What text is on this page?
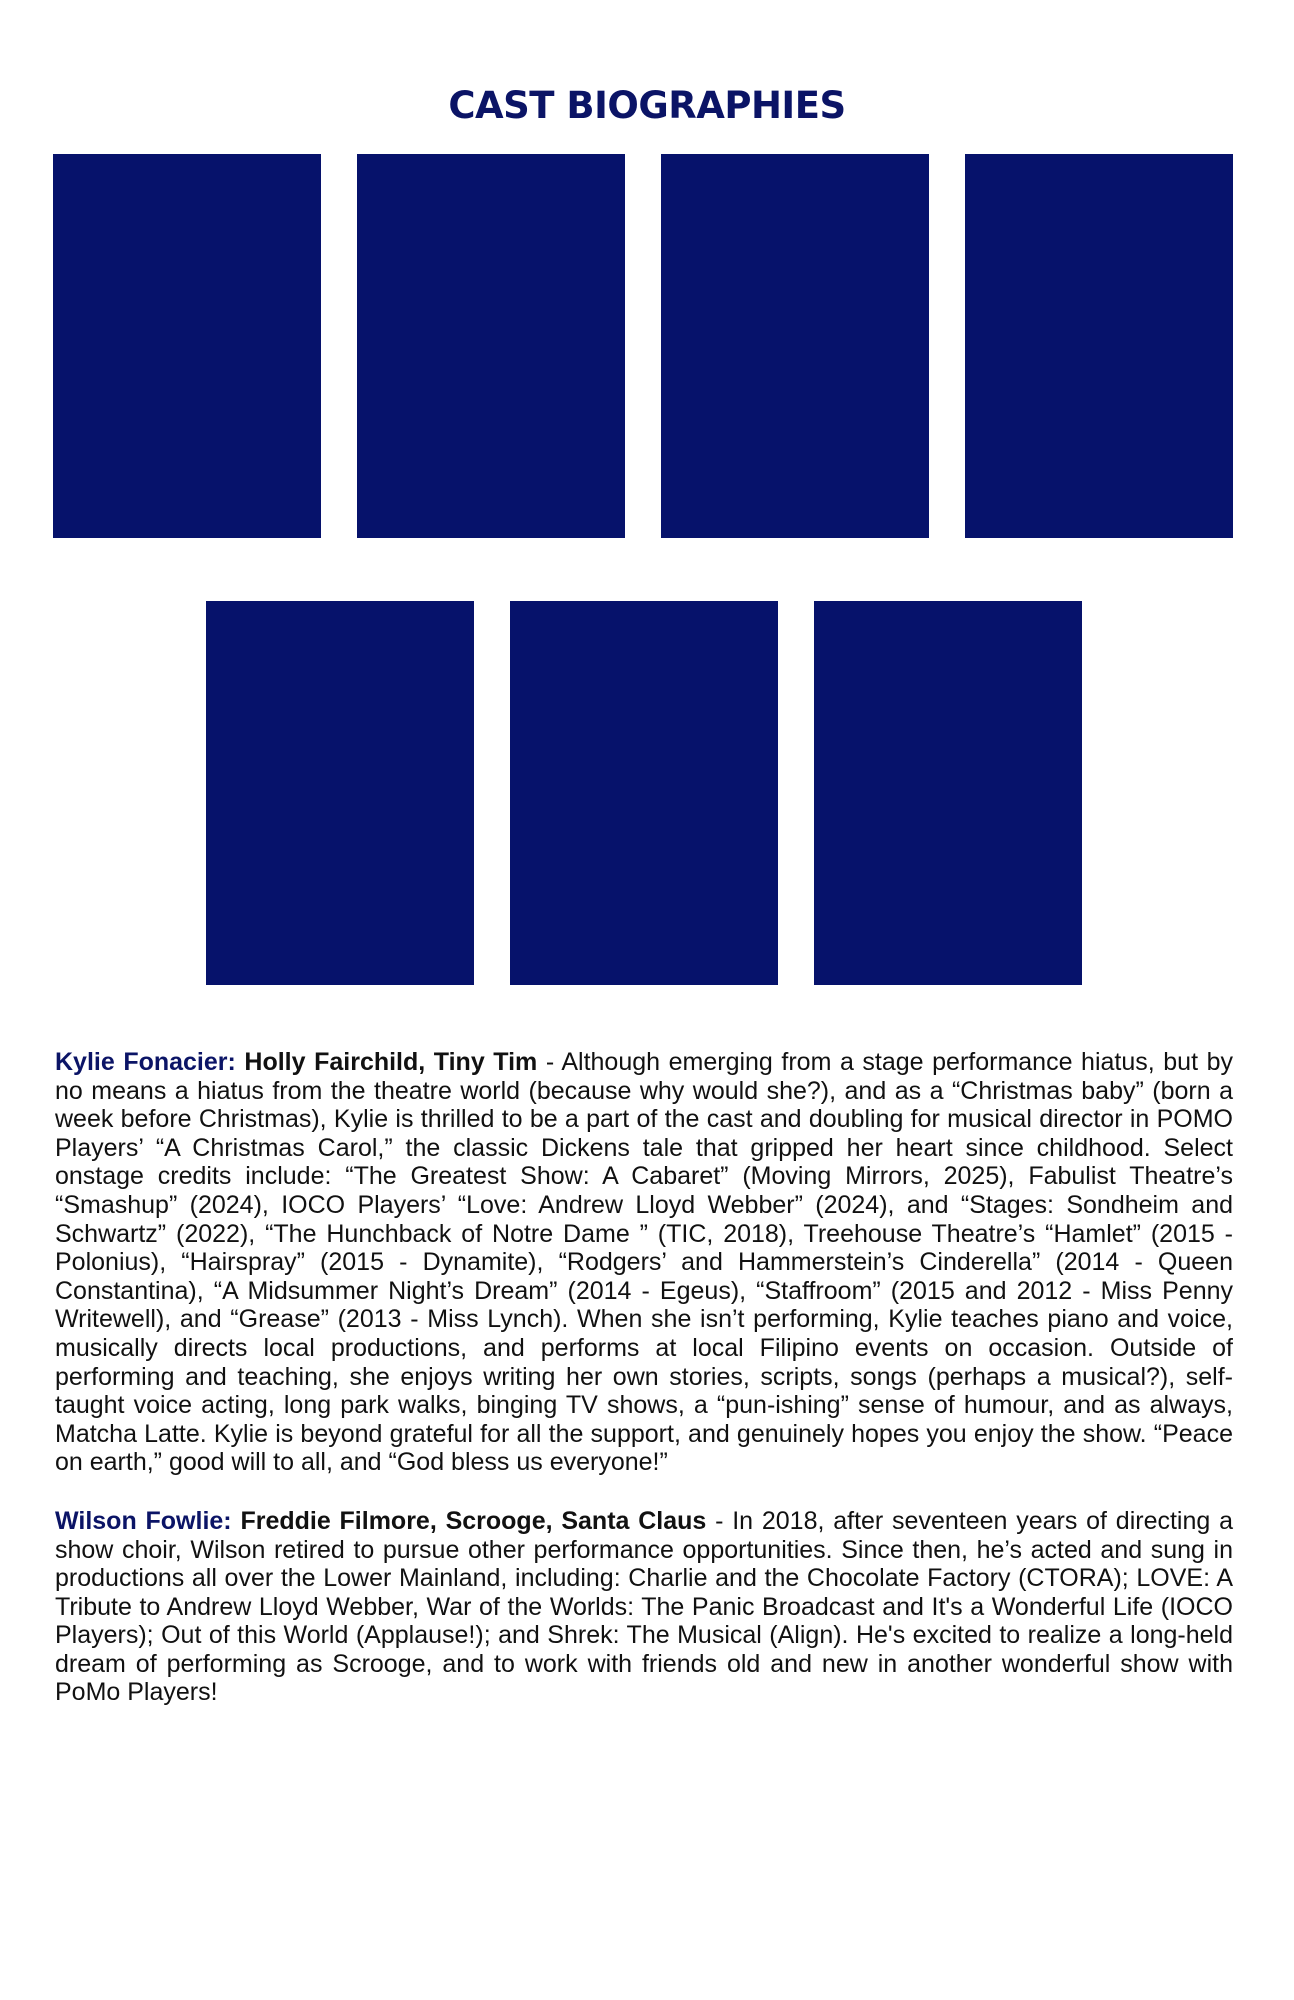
CAST BIOGRAPHIES

Kylie Fonacier: Holly Fairchild, Tiny Tim - Although emerging from a stage performance hiatus, but by no means a hiatus from the theatre world (because why would she?), and as a “Christmas baby” (born a week before Christmas), Kylie is thrilled to be a part of the cast and doubling for musical director in POMO Players’ “A Christmas Carol,” the classic Dickens tale that gripped her heart since childhood. Select onstage credits include: “The Greatest Show: A Cabaret” (Moving Mirrors, 2025), Fabulist Theatre’s “Smashup” (2024), IOCO Players’ “Love: Andrew Lloyd Webber” (2024), and “Stages: Sondheim and Schwartz” (2022), “The Hunchback of Notre Dame ” (TIC, 2018), Treehouse Theatre’s “Hamlet” (2015 - Polonius), “Hairspray” (2015 - Dynamite), “Rodgers’ and Hammerstein’s Cinderella” (2014 - Queen Constantina), “A Midsummer Night’s Dream” (2014 - Egeus), “Staffroom” (2015 and 2012 - Miss Penny Writewell), and “Grease” (2013 - Miss Lynch). When she isn’t performing, Kylie teaches piano and voice, musically directs local productions, and performs at local Filipino events on occasion. Outside of performing and teaching, she enjoys writing her own stories, scripts, songs (perhaps a musical?), self-taught voice acting, long park walks, binging TV shows, a “pun-ishing” sense of humour, and as always, Matcha Latte. Kylie is beyond grateful for all the support, and genuinely hopes you enjoy the show. “Peace on earth,” good will to all, and “God bless us everyone!”

Wilson Fowlie: Freddie Filmore, Scrooge, Santa Claus - In 2018, after seventeen years of directing a show choir, Wilson retired to pursue other performance opportunities. Since then, he’s acted and sung in productions all over the Lower Mainland, including: Charlie and the Chocolate Factory (CTORA); LOVE: A Tribute to Andrew Lloyd Webber, War of the Worlds: The Panic Broadcast and It's a Wonderful Life (IOCO Players); Out of this World (Applause!); and Shrek: The Musical (Align). He's excited to realize a long-held dream of performing as Scrooge, and to work with friends old and new in another wonderful show with PoMo Players!
